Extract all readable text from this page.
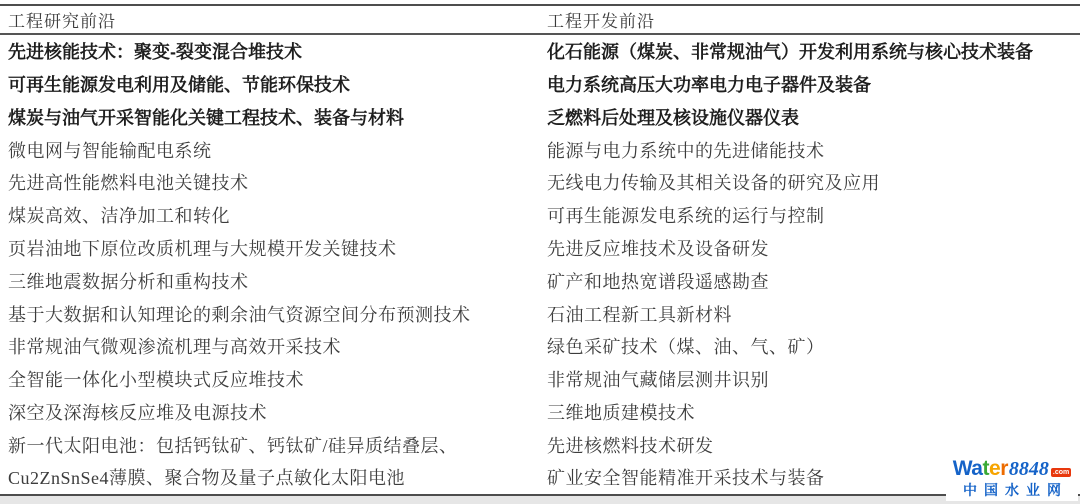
工程研究前沿	工程开发前沿
先进核能技术：聚变-裂变混合堆技术	化石能源（煤炭、非常规油气）开发利用系统与核心技术装备
可再生能源发电利用及储能、节能环保技术	电力系统高压大功率电力电子器件及装备
煤炭与油气开采智能化关键工程技术、装备与材料	乏燃料后处理及核设施仪器仪表
微电网与智能输配电系统	能源与电力系统中的先进储能技术
先进高性能燃料电池关键技术	无线电力传输及其相关设备的研究及应用
煤炭高效、洁净加工和转化	可再生能源发电系统的运行与控制
页岩油地下原位改质机理与大规模开发关键技术	先进反应堆技术及设备研发
三维地震数据分析和重构技术	矿产和地热宽谱段遥感勘查
基于大数据和认知理论的剩余油气资源空间分布预测技术	石油工程新工具新材料
非常规油气微观渗流机理与高效开采技术	绿色采矿技术（煤、油、气、矿）
全智能一体化小型模块式反应堆技术	非常规油气藏储层测井识别
深空及深海核反应堆及电源技术	三维地质建模技术
新一代太阳电池：包括钙钛矿、钙钛矿/硅异质结叠层、	先进核燃料技术研发
Cu2ZnSnSe4薄膜、聚合物及量子点敏化太阳电池	矿业安全智能精准开采技术与装备	Water 8848 .com
中国水业网
